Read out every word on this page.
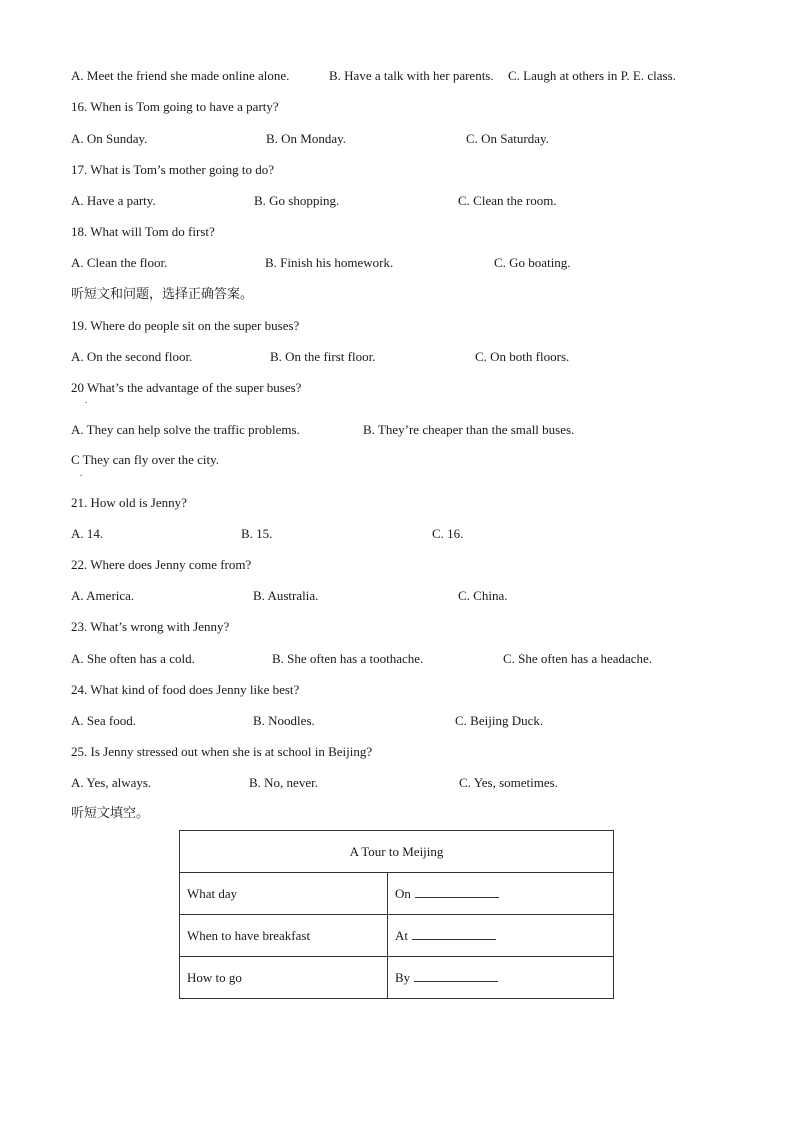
A. Meet the friend she made online alone.	B. Have a talk with her parents. C. Laugh at others in P. E. class.
16. When is Tom going to have a party?
A. On Sunday.	B. On Monday.	C. On Saturday.
17. What is Tom’s mother going to do?
A. Have a party.	B. Go shopping.	C. Clean the room.
18. What will Tom do first?
A. Clean the floor.	B. Finish his homework.	C. Go boating.
听短文和问题，选择正确答案。
19. Where do people sit on the super buses?
A. On the second floor.	B. On the first floor.	C. On both floors.
20 What’s the advantage of the super buses?
.
A. They can help solve the traffic problems.	B. They’re cheaper than the small buses.
C They can fly over the city.
.
21. How old is Jenny?
A. 14.	B. 15.	C. 16.
22. Where does Jenny come from?
A. America.	B. Australia.	C. China.
23. What’s wrong with Jenny?
A. She often has a cold.	B. She often has a toothache.	C. She often has a headache.
24. What kind of food does Jenny like best?
A. Sea food.	B. Noodles.	C. Beijing Duck.
25. Is Jenny stressed out when she is at school in Beijing?
A. Yes, always.	B. No, never.	C. Yes, sometimes.
听短文填空。
A Tour to Meijing	
What day	On
When to have breakfast	At
How to go	By
